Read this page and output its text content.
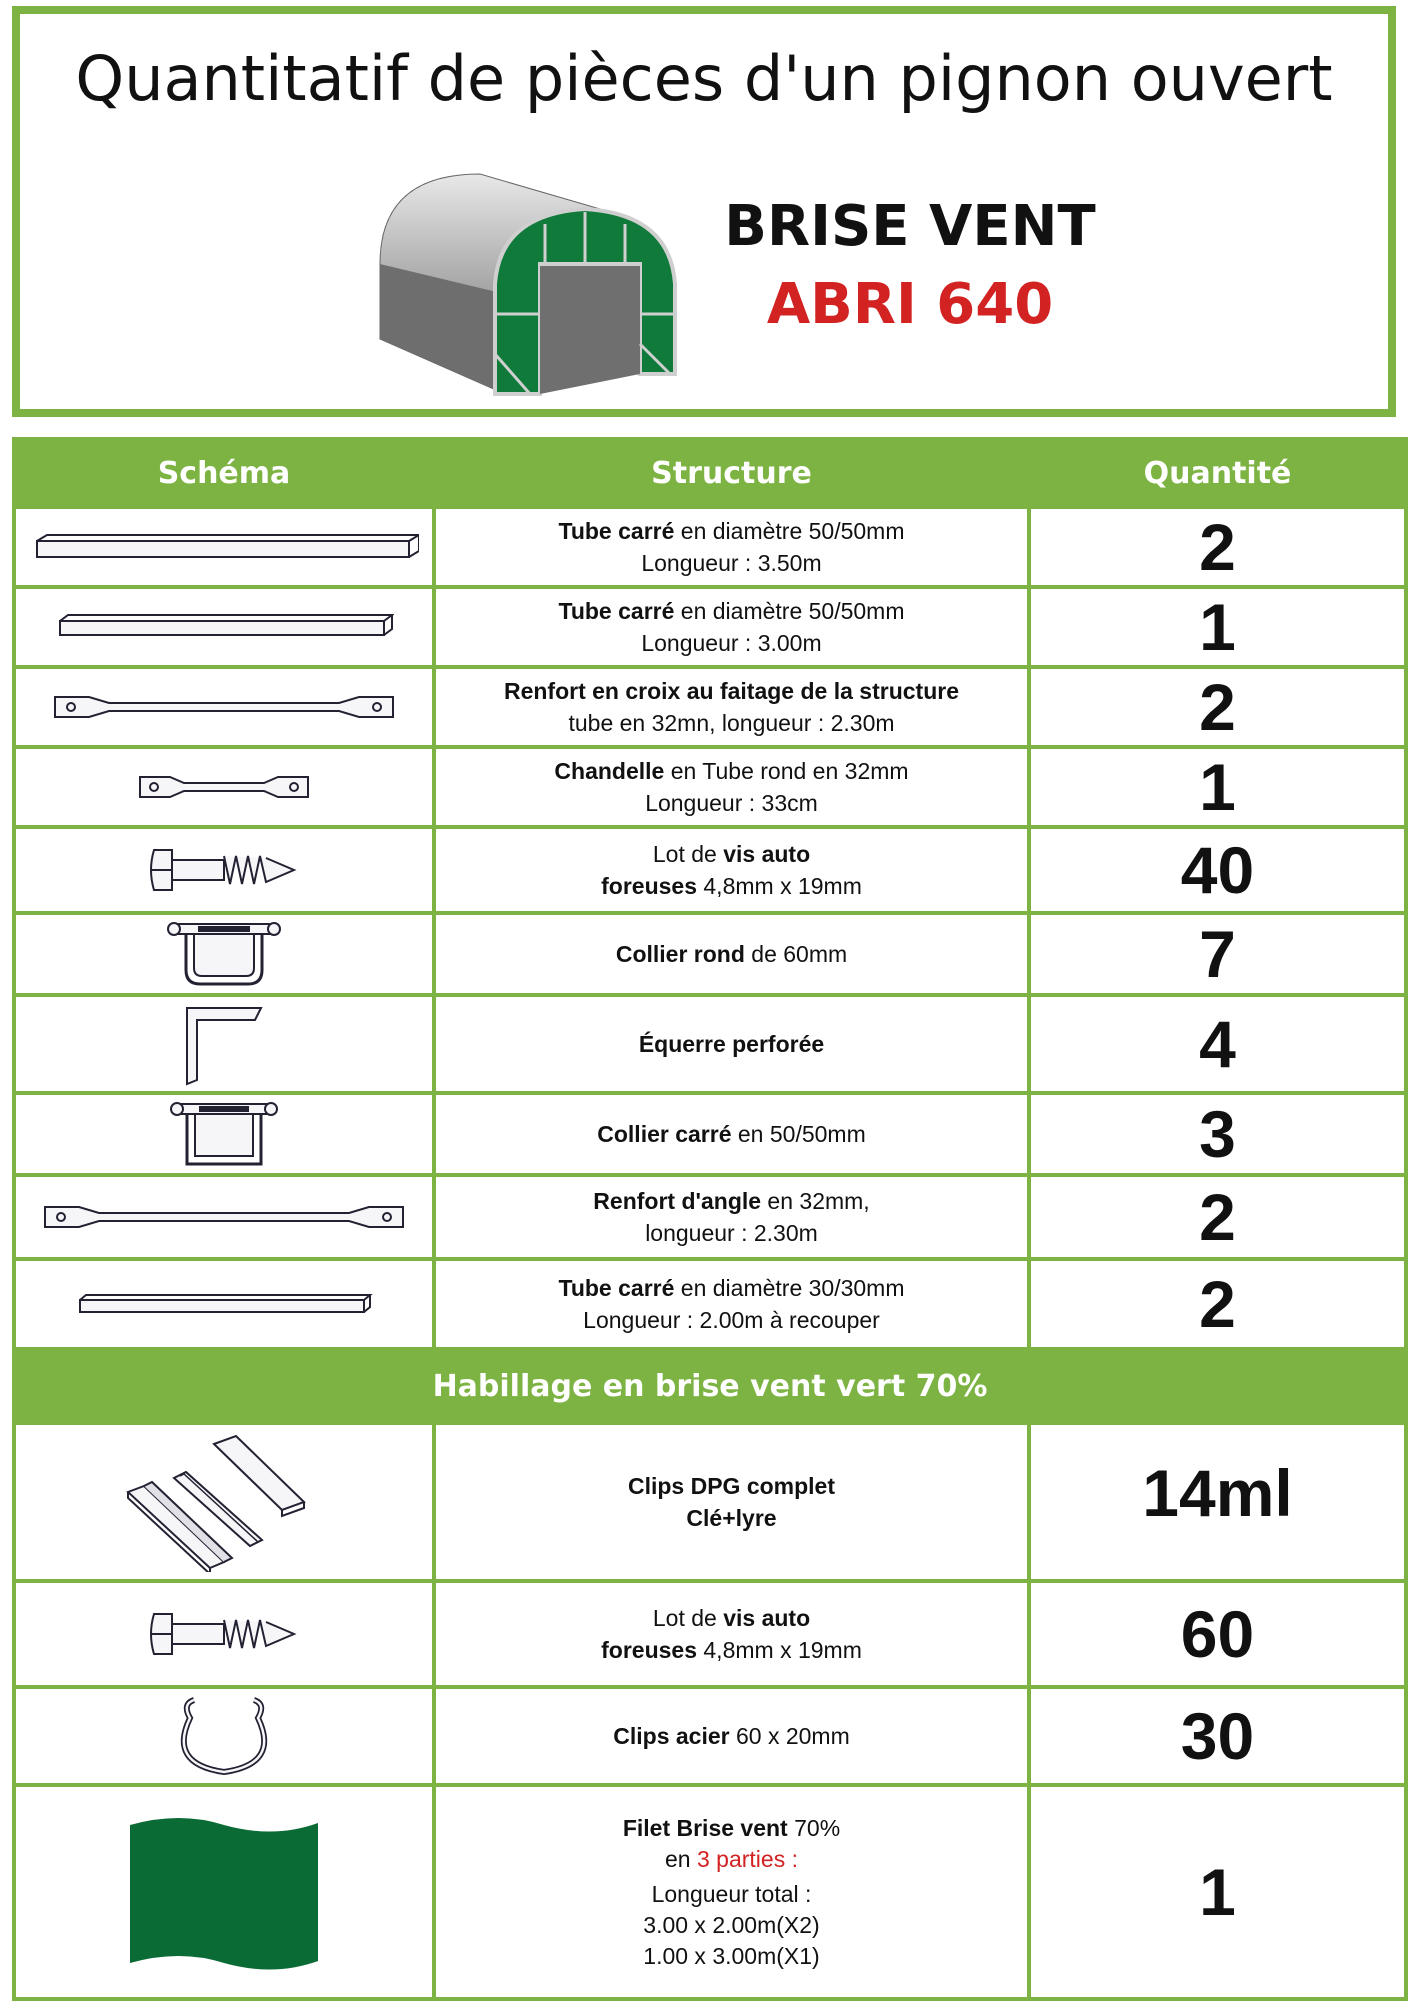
Quantitatif de pièces d'un pignon ouvert
BRISE VENT
ABRI 640
Schéma	Structure	Quantité

Tube carré en diamètre 50/50mm
Longueur : 3.50m	2

Tube carré en diamètre 50/50mm
Longueur : 3.00m	1

Renfort en croix au faitage de la structure
tube en 32mn, longueur : 2.30m	2

Chandelle en Tube rond en 32mm
Longueur : 33cm	1

Lot de vis auto
foreuses 4,8mm x 19mm	40

Collier rond de 60mm	7

Équerre perforée	4

Collier carré en 50/50mm	3

Renfort d'angle en 32mm,
longueur : 2.30m	2

Tube carré en diamètre 30/30mm
Longueur : 2.00m à recouper	2
Habillage en brise vent vert 70%		

Clips DPG complet
Clé+lyre	14ml

Lot de vis auto
foreuses 4,8mm x 19mm	60

Clips acier 60 x 20mm	30

Filet Brise vent 70%
en 3 parties :
Longueur total :
3.00 x 2.00m(X2)
1.00 x 3.00m(X1)	1
